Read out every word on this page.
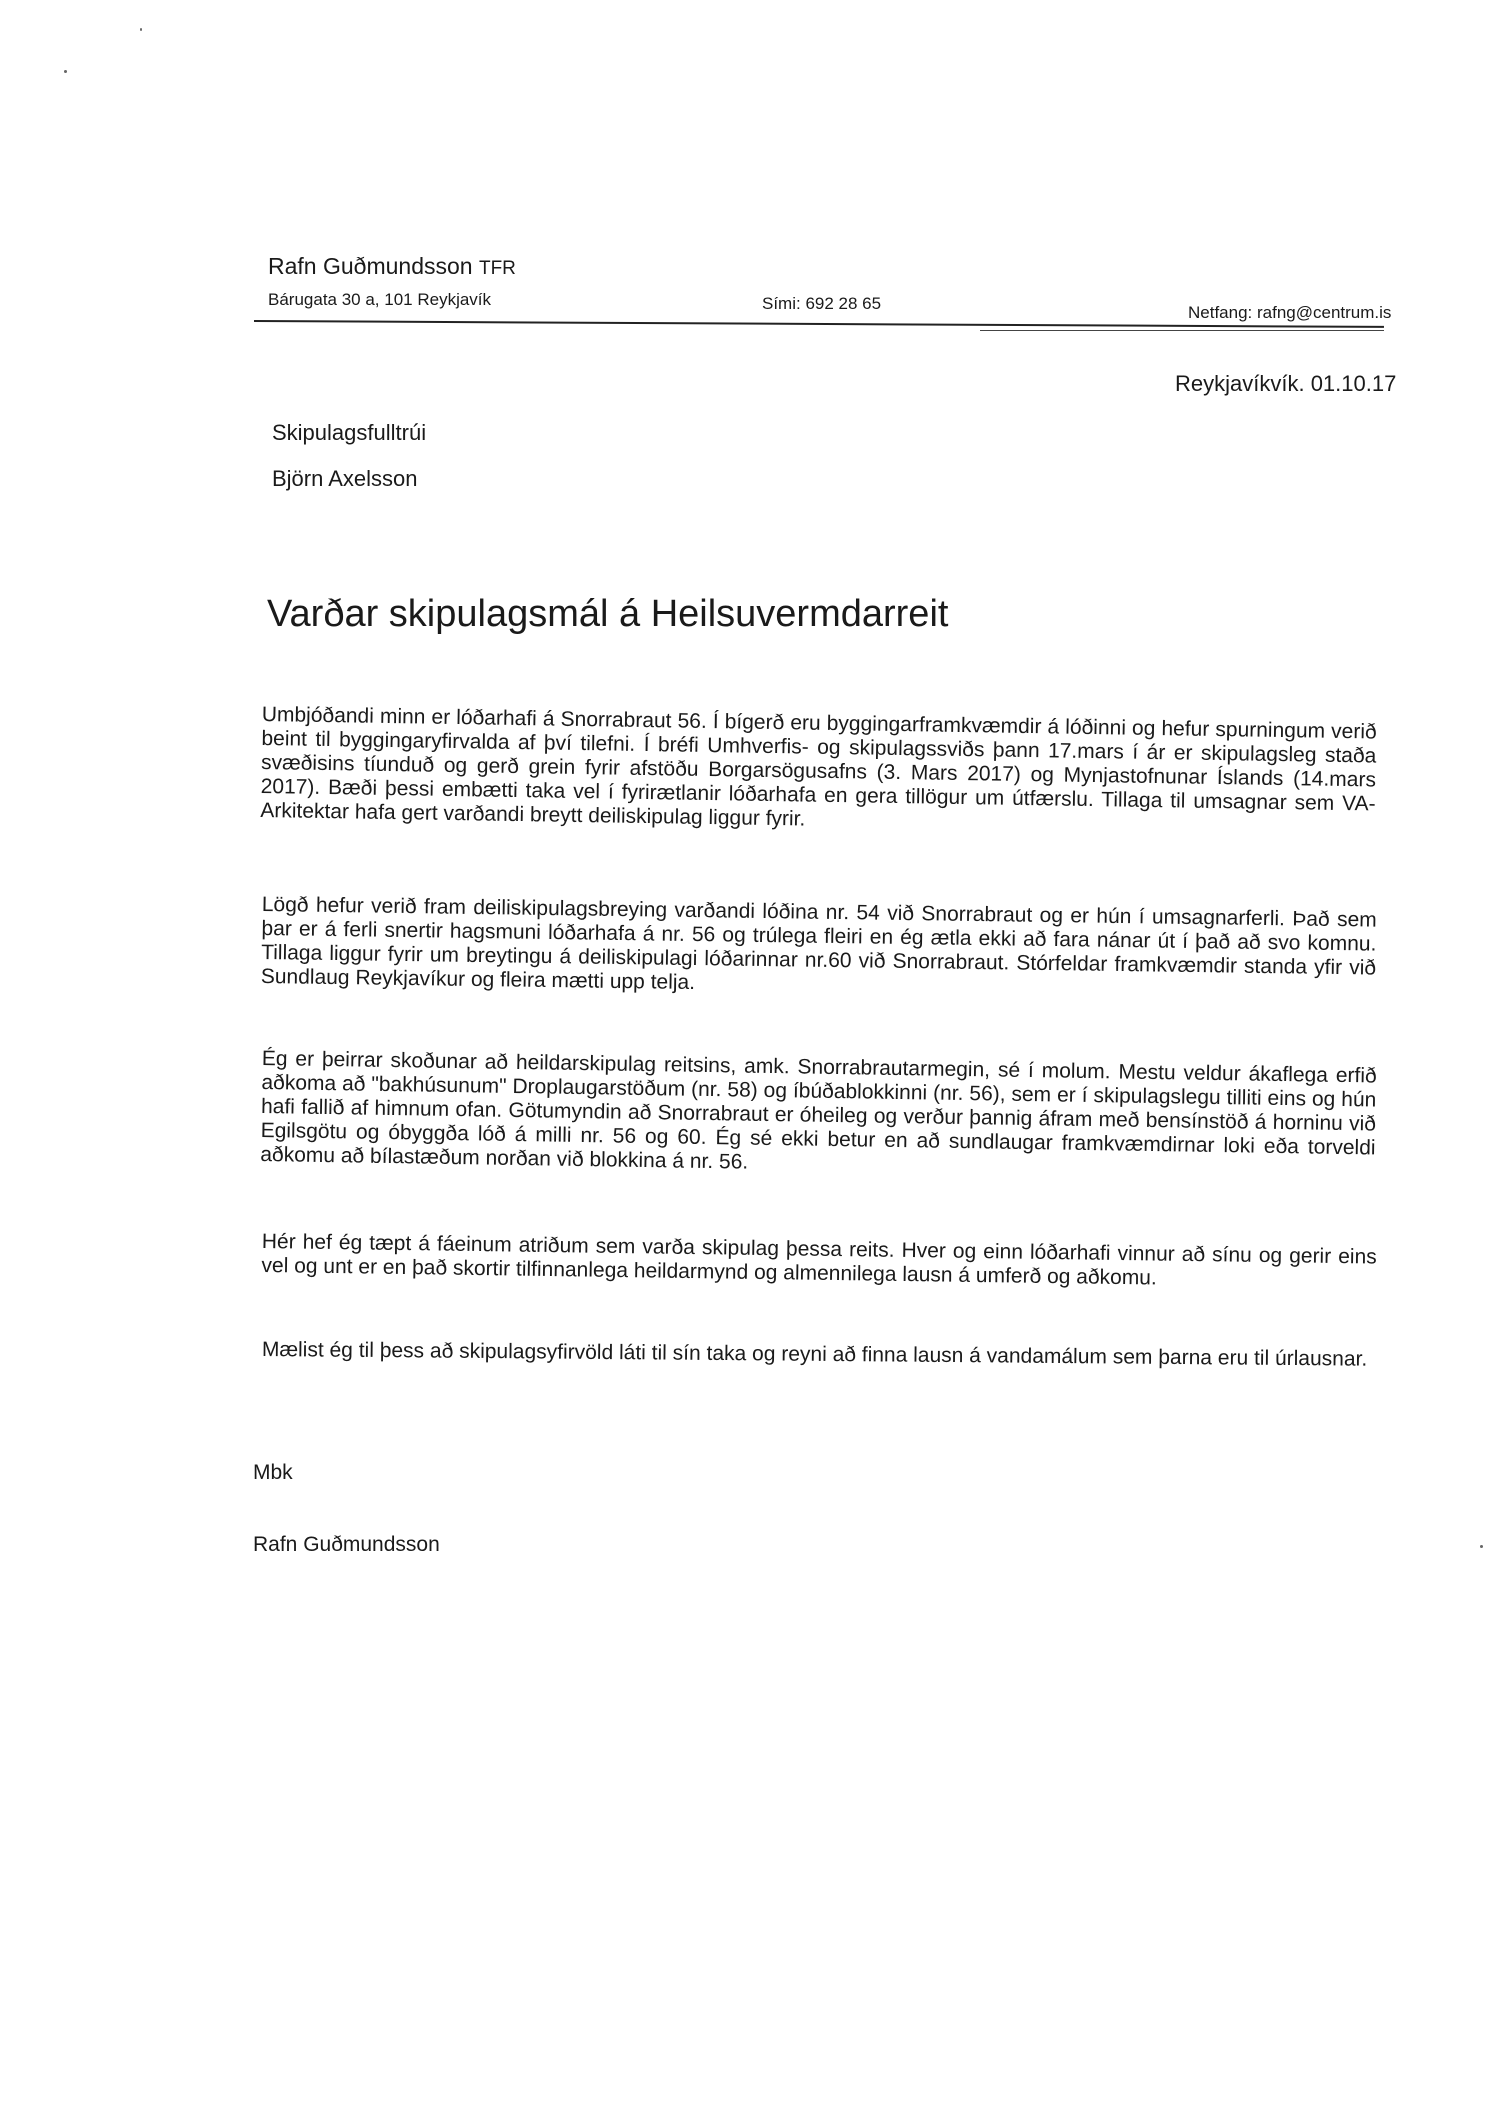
Rafn Guðmundsson TFR
Bárugata 30 a, 101 Reykjavík	Sími: 692 28 65	Netfang: rafng@centrum.is
Reykjavíkvík. 01.10.17
Skipulagsfulltrúi
Björn Axelsson
Varðar skipulagsmál á Heilsuvermdarreit

Umbjóðandi minn er lóðarhafi á Snorrabraut 56. Í bígerð eru byggingarframkvæmdir á lóðinni og hefur spurningum verið beint til byggingaryfirvalda af því tilefni. Í bréfi Umhverfis- og skipulagssviðs þann 17.mars í ár er skipulagsleg staða svæðisins tíunduð og gerð grein fyrir afstöðu Borgarsögusafns (3. Mars 2017) og Mynjastofnunar Íslands (14.mars 2017). Bæði þessi embætti taka vel í fyrirætlanir lóðarhafa en gera tillögur um útfærslu. Tillaga til umsagnar sem VA-Arkitektar hafa gert varðandi breytt deiliskipulag liggur fyrir.

Lögð hefur verið fram deiliskipulagsbreying varðandi lóðina nr. 54 við Snorrabraut og er hún í umsagnarferli. Það sem þar er á ferli snertir hagsmuni lóðarhafa á nr. 56 og trúlega fleiri en ég ætla ekki að fara nánar út í það að svo komnu. Tillaga liggur fyrir um breytingu á deiliskipulagi lóðarinnar nr.60 við Snorrabraut. Stórfeldar framkvæmdir standa yfir við Sundlaug Reykjavíkur og fleira mætti upp telja.

Ég er þeirrar skoðunar að heildarskipulag reitsins, amk. Snorrabrautarmegin, sé í molum. Mestu veldur ákaflega erfið aðkoma að "bakhúsunum" Droplaugarstöðum (nr. 58) og íbúðablokkinni (nr. 56), sem er í skipulagslegu tilliti eins og hún hafi fallið af himnum ofan. Götumyndin að Snorrabraut er óheileg og verður þannig áfram með bensínstöð á horninu við Egilsgötu og óbyggða lóð á milli nr. 56 og 60. Ég sé ekki betur en að sundlaugar framkvæmdirnar loki eða torveldi aðkomu að bílastæðum norðan við blokkina á nr. 56.

Hér hef ég tæpt á fáeinum atriðum sem varða skipulag þessa reits. Hver og einn lóðarhafi vinnur að sínu og gerir eins vel og unt er en það skortir tilfinnanlega heildarmynd og almennilega lausn á umferð og aðkomu.

Mælist ég til þess að skipulagsyfirvöld láti til sín taka og reyni að finna lausn á vandamálum sem þarna eru til úrlausnar.

Mbk
Rafn Guðmundsson
